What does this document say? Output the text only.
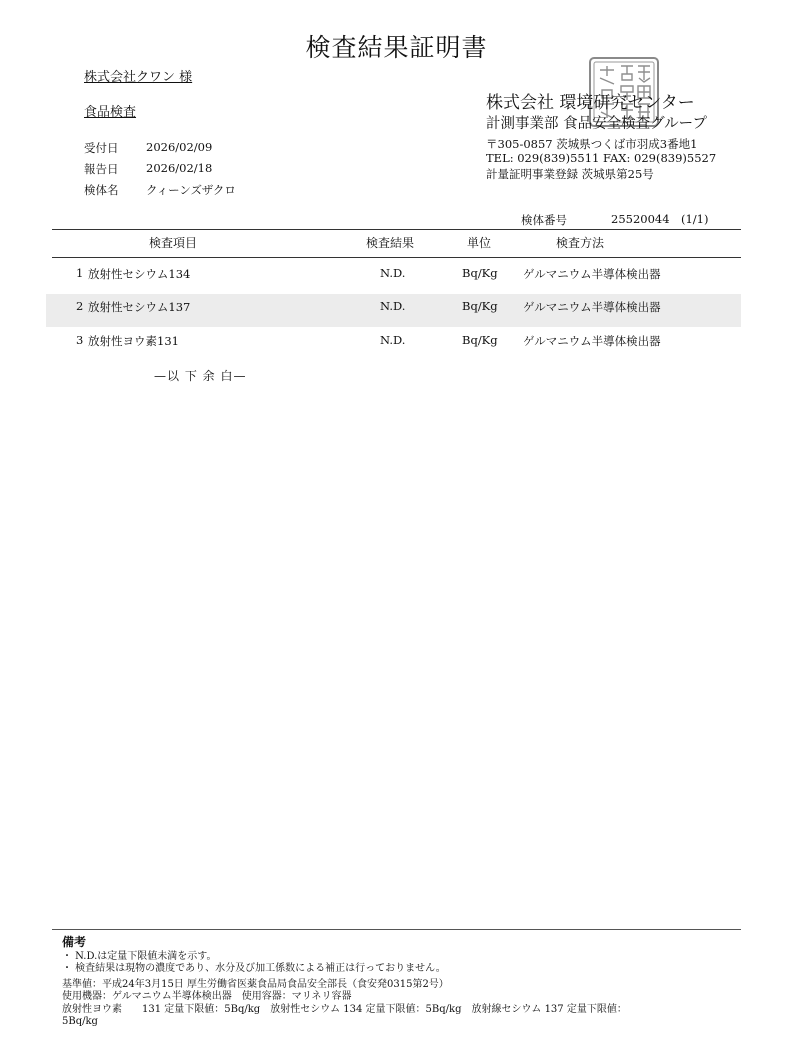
検査結果証明書
株式会社クワン 様
食品検査
受付日 2026/02/09
報告日 2026/02/18
検体名 クィーンズザクロ
株式会社 環境研究センター
計測事業部 食品安全検査グループ
〒305-0857 茨城県つくば市羽成3番地1
TEL: 029(839)5511 FAX: 029(839)5527
計量証明事業登録 茨城県第25号
検体番号	25520044 (1/1)
検査項目	検査結果	単位	検査方法
1 放射性セシウム134	N.D.	Bq/Kg ゲルマニウム半導体検出器
2 放射性セシウム137	N.D.	Bq/Kg ゲルマニウム半導体検出器
3 放射性ヨウ素131	N.D.	Bq/Kg ゲルマニウム半導体検出器
—以 下 余 白—
備考
・ N.D.は定量下限値未満を示す。
・ 検査結果は現物の濃度であり、水分及び加工係数による補正は行っておりません。
基準値：平成24年3月15日 厚生労働省医薬食品局食品安全部長（食安発0315第2号）
使用機器：ゲルマニウム半導体検出器　使用容器：マリネリ容器
放射性ヨウ素　　131 定量下限値：5Bq/kg　放射性セシウム 134 定量下限値：5Bq/kg　放射線セシウム 137 定量下限値：
5Bq/kg
